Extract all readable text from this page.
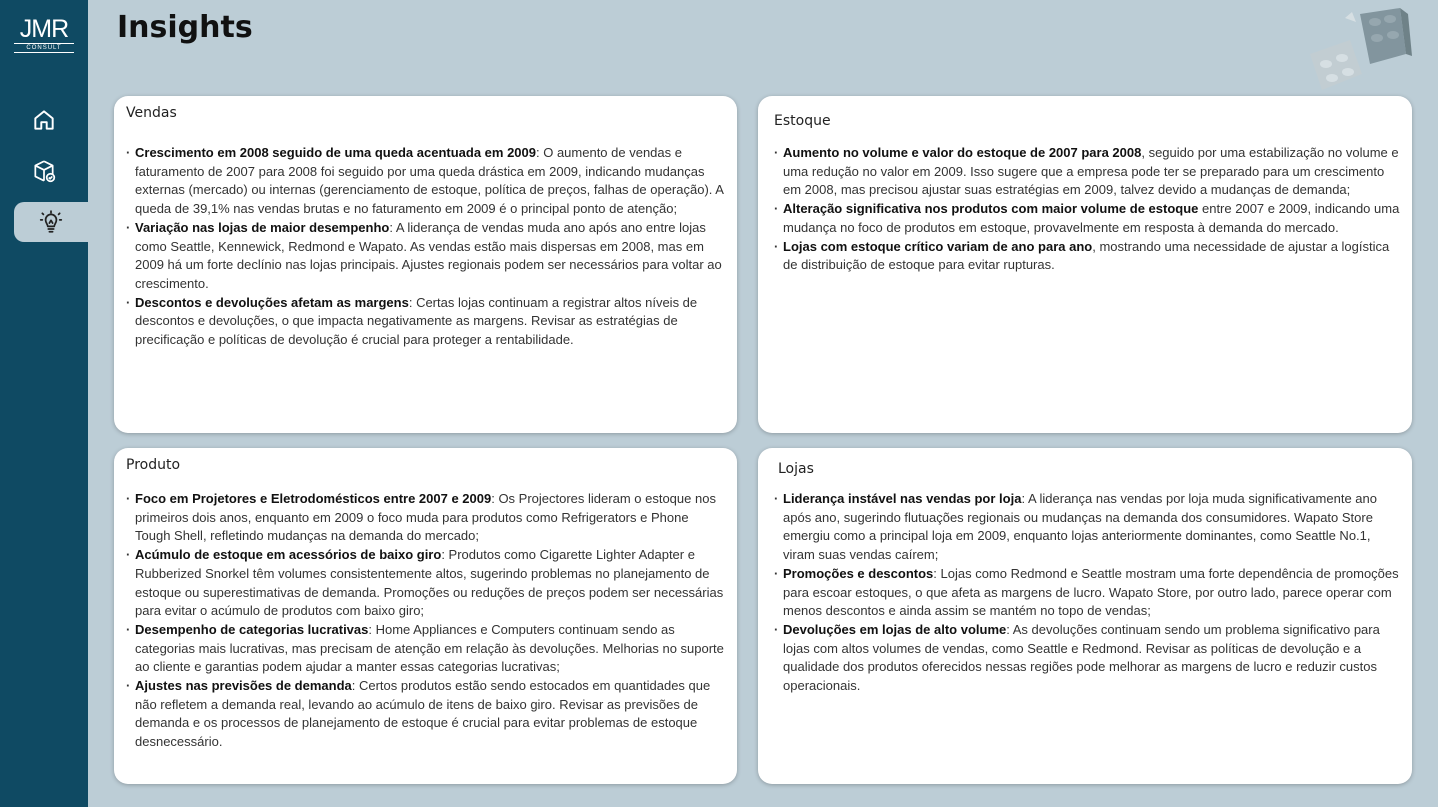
JMR
CONSULT
Insights
Vendas
· Crescimento em 2008 seguido de uma queda acentuada em 2009: O aumento de vendas e faturamento de 2007 para 2008 foi seguido por uma queda drástica em 2009, indicando mudanças externas (mercado) ou internas (gerenciamento de estoque, política de preços, falhas de operação). A queda de 39,1% nas vendas brutas e no faturamento em 2009 é o principal ponto de atenção;
· Variação nas lojas de maior desempenho: A liderança de vendas muda ano após ano entre lojas como Seattle, Kennewick, Redmond e Wapato. As vendas estão mais dispersas em 2008, mas em 2009 há um forte declínio nas lojas principais. Ajustes regionais podem ser necessários para voltar ao crescimento.
· Descontos e devoluções afetam as margens: Certas lojas continuam a registrar altos níveis de descontos e devoluções, o que impacta negativamente as margens. Revisar as estratégias de precificação e políticas de devolução é crucial para proteger a rentabilidade.
Estoque
· Aumento no volume e valor do estoque de 2007 para 2008, seguido por uma estabilização no volume e uma redução no valor em 2009. Isso sugere que a empresa pode ter se preparado para um crescimento em 2008, mas precisou ajustar suas estratégias em 2009, talvez devido a mudanças de demanda;
· Alteração significativa nos produtos com maior volume de estoque entre 2007 e 2009, indicando uma mudança no foco de produtos em estoque, provavelmente em resposta à demanda do mercado.
· Lojas com estoque crítico variam de ano para ano, mostrando uma necessidade de ajustar a logística de distribuição de estoque para evitar rupturas.
Produto
· Foco em Projetores e Eletrodomésticos entre 2007 e 2009: Os Projectores lideram o estoque nos primeiros dois anos, enquanto em 2009 o foco muda para produtos como Refrigerators e Phone Tough Shell, refletindo mudanças na demanda do mercado;
· Acúmulo de estoque em acessórios de baixo giro: Produtos como Cigarette Lighter Adapter e Rubberized Snorkel têm volumes consistentemente altos, sugerindo problemas no planejamento de estoque ou superestimativas de demanda. Promoções ou reduções de preços podem ser necessárias para evitar o acúmulo de produtos com baixo giro;
· Desempenho de categorias lucrativas: Home Appliances e Computers continuam sendo as categorias mais lucrativas, mas precisam de atenção em relação às devoluções. Melhorias no suporte ao cliente e garantias podem ajudar a manter essas categorias lucrativas;
· Ajustes nas previsões de demanda: Certos produtos estão sendo estocados em quantidades que não refletem a demanda real, levando ao acúmulo de itens de baixo giro. Revisar as previsões de demanda e os processos de planejamento de estoque é crucial para evitar problemas de estoque desnecessário.
Lojas
· Liderança instável nas vendas por loja: A liderança nas vendas por loja muda significativamente ano após ano, sugerindo flutuações regionais ou mudanças na demanda dos consumidores. Wapato Store emergiu como a principal loja em 2009, enquanto lojas anteriormente dominantes, como Seattle No.1, viram suas vendas caírem;
· Promoções e descontos: Lojas como Redmond e Seattle mostram uma forte dependência de promoções para escoar estoques, o que afeta as margens de lucro. Wapato Store, por outro lado, parece operar com menos descontos e ainda assim se mantém no topo de vendas;
· Devoluções em lojas de alto volume: As devoluções continuam sendo um problema significativo para lojas com altos volumes de vendas, como Seattle e Redmond. Revisar as políticas de devolução e a qualidade dos produtos oferecidos nessas regiões pode melhorar as margens de lucro e reduzir custos operacionais.
